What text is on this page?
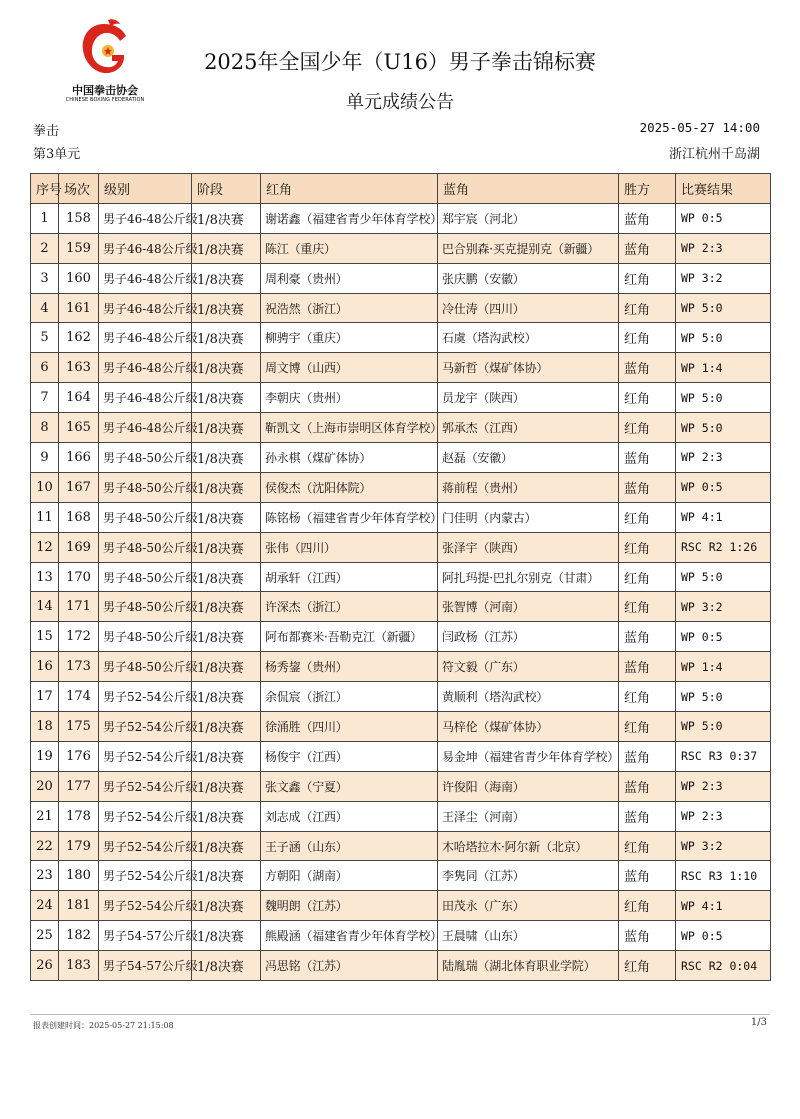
中国拳击协会
CHINESE BOXING FEDERATION
2025年全国少年（U16）男子拳击锦标赛
单元成绩公告
拳击
第3单元
2025-05-27 14:00
浙江杭州千岛湖
序号	场次	级别	阶段	红角	蓝角	胜方	比赛结果
1	158	男子46-48公斤级	1/8决赛	谢诺鑫（福建省青少年体育学校）	郑宇宸（河北）	蓝角	WP 0:5
2	159	男子46-48公斤级	1/8决赛	陈江（重庆）	巴合别森·买克提别克（新疆）	蓝角	WP 2:3
3	160	男子46-48公斤级	1/8决赛	周利豪（贵州）	张庆鹏（安徽）	红角	WP 3:2
4	161	男子46-48公斤级	1/8决赛	祝浩然（浙江）	冷仕涛（四川）	红角	WP 5:0
5	162	男子46-48公斤级	1/8决赛	柳骋宇（重庆）	石虞（塔沟武校）	红角	WP 5:0
6	163	男子46-48公斤级	1/8决赛	周文博（山西）	马新哲（煤矿体协）	蓝角	WP 1:4
7	164	男子46-48公斤级	1/8决赛	李朝庆（贵州）	员龙宇（陕西）	红角	WP 5:0
8	165	男子46-48公斤级	1/8决赛	靳凯文（上海市崇明区体育学校）	郭承杰（江西）	红角	WP 5:0
9	166	男子48-50公斤级	1/8决赛	孙永棋（煤矿体协）	赵磊（安徽）	蓝角	WP 2:3
10	167	男子48-50公斤级	1/8决赛	侯俊杰（沈阳体院）	蒋前程（贵州）	蓝角	WP 0:5
11	168	男子48-50公斤级	1/8决赛	陈铭杨（福建省青少年体育学校）	门佳明（内蒙古）	红角	WP 4:1
12	169	男子48-50公斤级	1/8决赛	张伟（四川）	张泽宇（陕西）	红角	RSC R2 1:26
13	170	男子48-50公斤级	1/8决赛	胡承轩（江西）	阿扎玛提·巴扎尔别克（甘肃）	红角	WP 5:0
14	171	男子48-50公斤级	1/8决赛	许深杰（浙江）	张智博（河南）	红角	WP 3:2
15	172	男子48-50公斤级	1/8决赛	阿布都赛米·吾勒克江（新疆）	闫政杨（江苏）	蓝角	WP 0:5
16	173	男子48-50公斤级	1/8决赛	杨秀鋆（贵州）	符文毅（广东）	蓝角	WP 1:4
17	174	男子52-54公斤级	1/8决赛	余侃宸（浙江）	黄顺利（塔沟武校）	红角	WP 5:0
18	175	男子52-54公斤级	1/8决赛	徐涌胜（四川）	马梓伦（煤矿体协）	红角	WP 5:0
19	176	男子52-54公斤级	1/8决赛	杨俊宇（江西）	易金坤（福建省青少年体育学校）	蓝角	RSC R3 0:37
20	177	男子52-54公斤级	1/8决赛	张文鑫（宁夏）	许俊阳（海南）	蓝角	WP 2:3
21	178	男子52-54公斤级	1/8决赛	刘志成（江西）	王泽尘（河南）	蓝角	WP 2:3
22	179	男子52-54公斤级	1/8决赛	王子涵（山东）	木哈塔拉木·阿尔新（北京）	红角	WP 3:2
23	180	男子52-54公斤级	1/8决赛	方朝阳（湖南）	李隽同（江苏）	蓝角	RSC R3 1:10
24	181	男子52-54公斤级	1/8决赛	魏明朗（江苏）	田茂永（广东）	红角	WP 4:1
25	182	男子54-57公斤级	1/8决赛	熊殿涵（福建省青少年体育学校）	王晨啸（山东）	蓝角	WP 0:5
26	183	男子54-57公斤级	1/8决赛	冯思铭（江苏）	陆胤瑞（湖北体育职业学院）	红角	RSC R2 0:04
报表创建时间：2025-05-27 21:15:08	1/3
